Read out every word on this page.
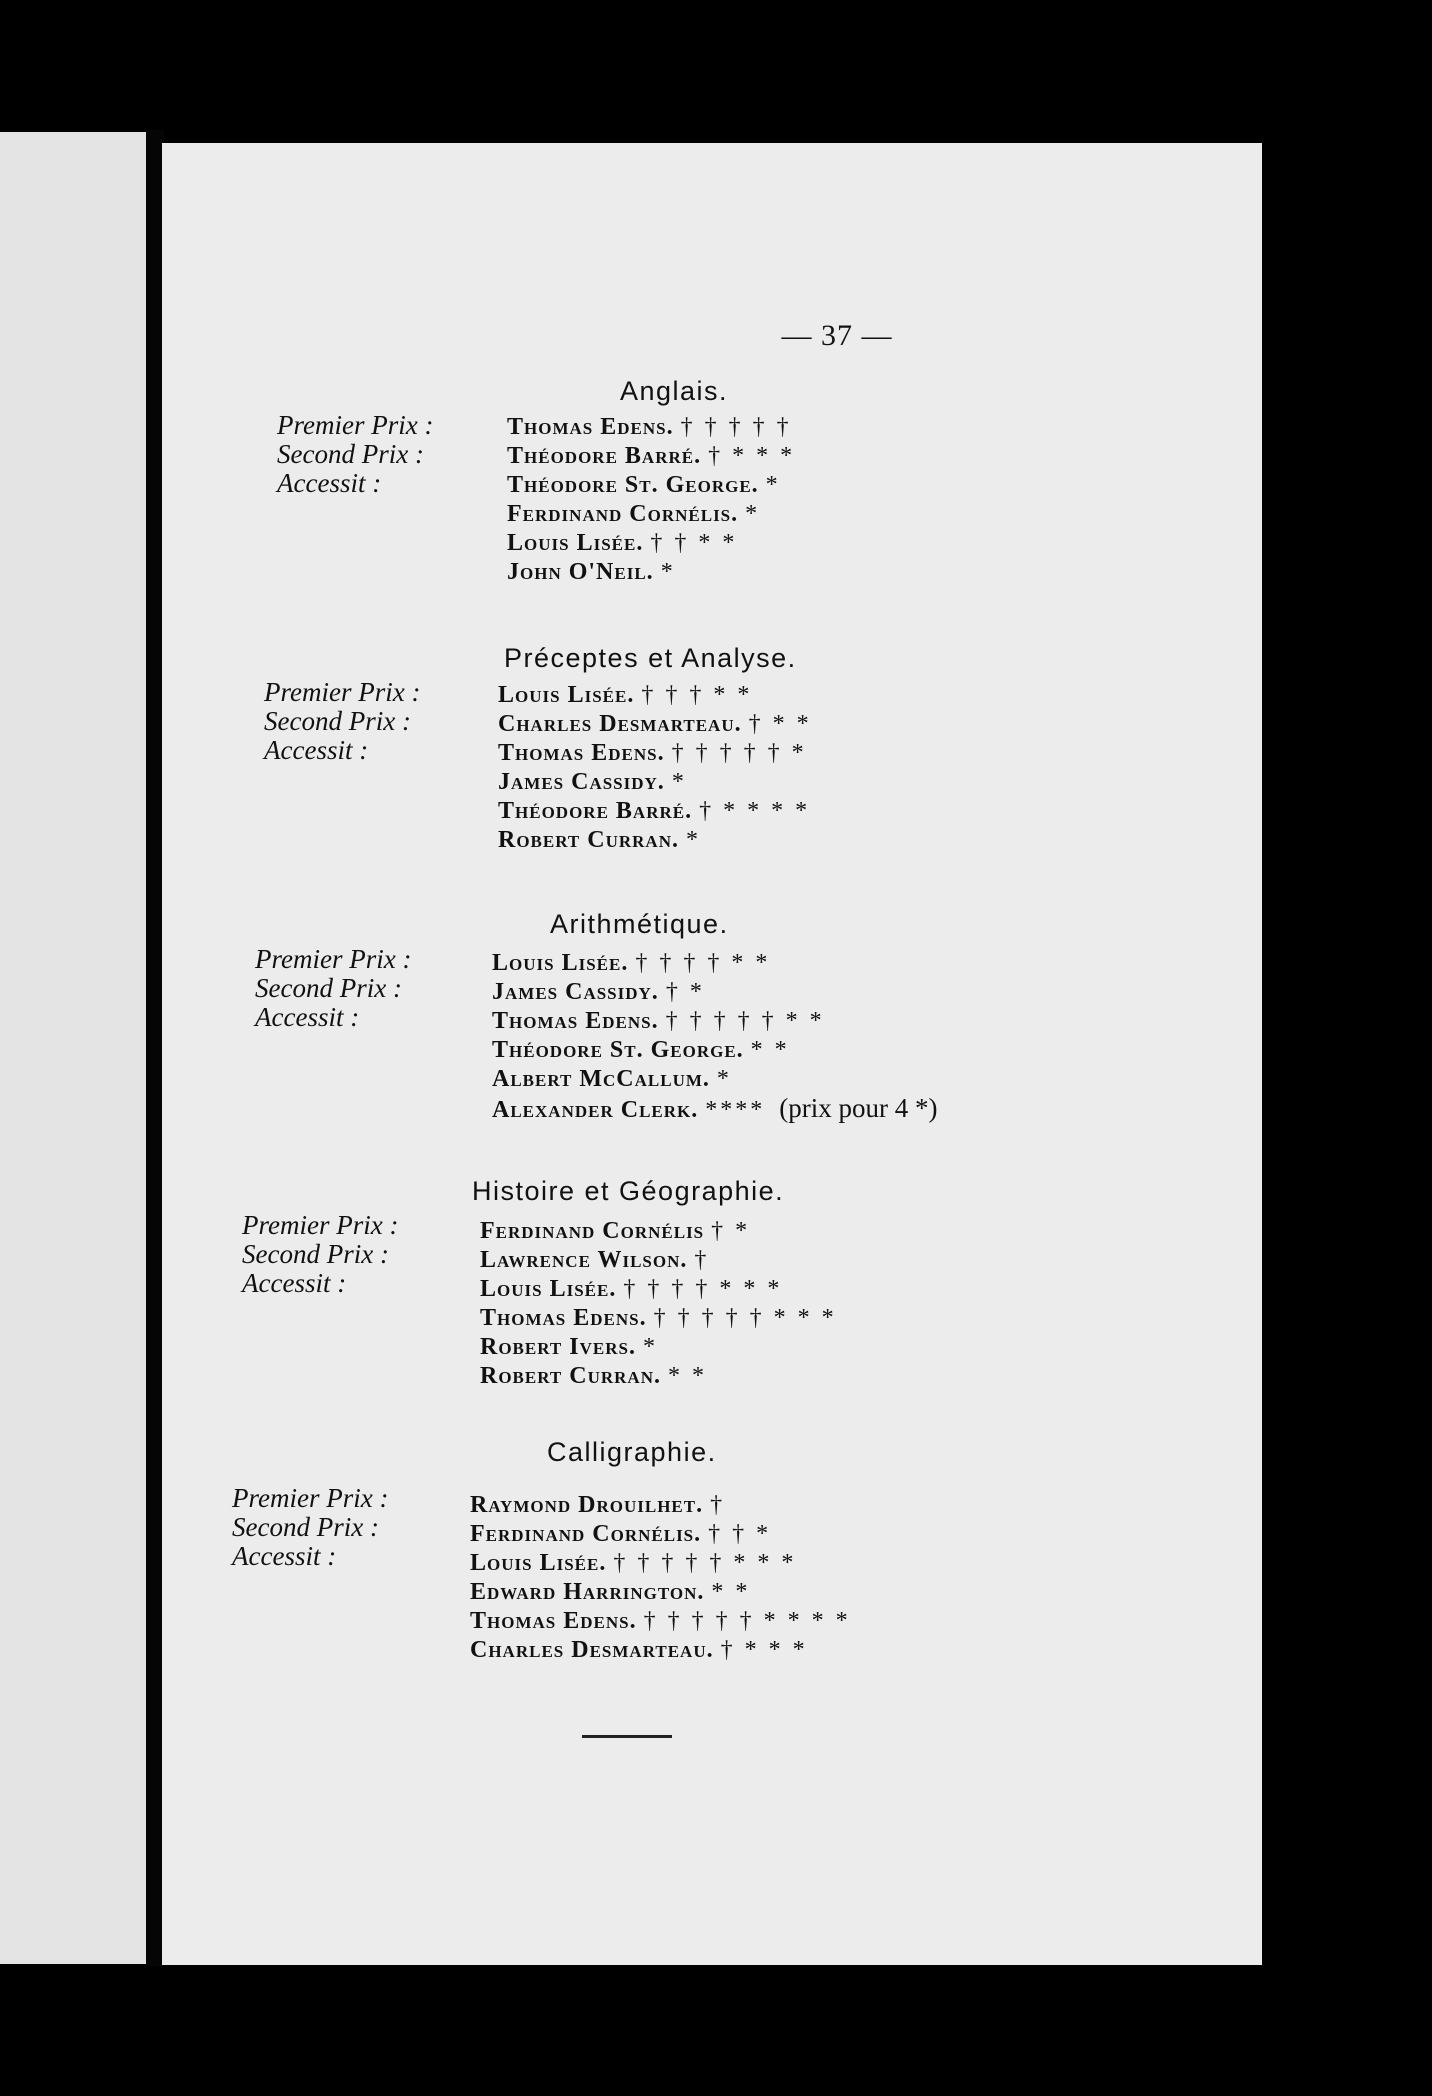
— 37 —
Anglais.
Premier Prix :
Second Prix :
Accessit :
Thomas Edens. † † † † †
Théodore Barré. † * * *
Théodore St. George. *
Ferdinand Cornélis. *
Louis Lisée. † † * *
John O'Neil. *
Préceptes et Analyse.
Premier Prix :
Second Prix :
Accessit :
Louis Lisée. † † † * *
Charles Desmarteau. † * *
Thomas Edens. † † † † † *
James Cassidy. *
Théodore Barré. † * * * *
Robert Curran. *
Arithmétique.
Premier Prix :
Second Prix :
Accessit :
Louis Lisée. † † † † * *
James Cassidy. † *
Thomas Edens. † † † † † * *
Théodore St. George. * *
Albert McCallum. *
Alexander Clerk. **** (prix pour 4 *)
Histoire et Géographie.
Premier Prix :
Second Prix :
Accessit :
Ferdinand Cornélis † *
Lawrence Wilson. †
Louis Lisée. † † † † * * *
Thomas Edens. † † † † † * * *
Robert Ivers. *
Robert Curran. * *
Calligraphie.
Premier Prix :
Second Prix :
Accessit :
Raymond Drouilhet. †
Ferdinand Cornélis. † † *
Louis Lisée. † † † † † * * *
Edward Harrington. * *
Thomas Edens. † † † † † * * * *
Charles Desmarteau. † * * *
